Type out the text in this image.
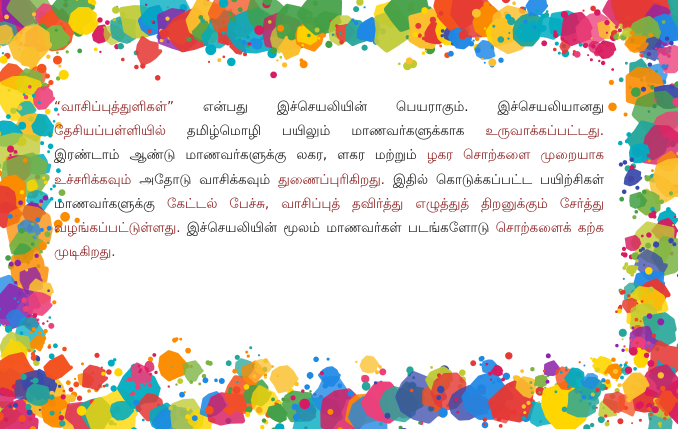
“வாசிப்புத்துளிகள்” என்பது இச்செயலியின் பெயராகும். இச்செயலியானது தேசியப்பள்ளியில் தமிழ்மொழி பயிலும் மாணவர்களுக்காக உருவாக்கப்பட்டது. இரண்டாம் ஆண்டு மாணவர்களுக்கு லகர, ளகர மற்றும் ழகர சொற்களை முறையாக உச்சரிக்கவும் அதோடு வாசிக்கவும் துணைப்புரிகிறது. இதில் கொடுக்கப்பட்ட பயிற்சிகள் மாணவர்களுக்கு கேட்டல் பேச்சு, வாசிப்புத் தவிர்த்து எழுத்துத் திறனுக்கும் சேர்த்து வழங்கப்பட்டுள்ளது. இச்செயலியின் மூலம் மாணவர்கள் படங்களோடு சொற்களைக் கற்க முடிகிறது.
